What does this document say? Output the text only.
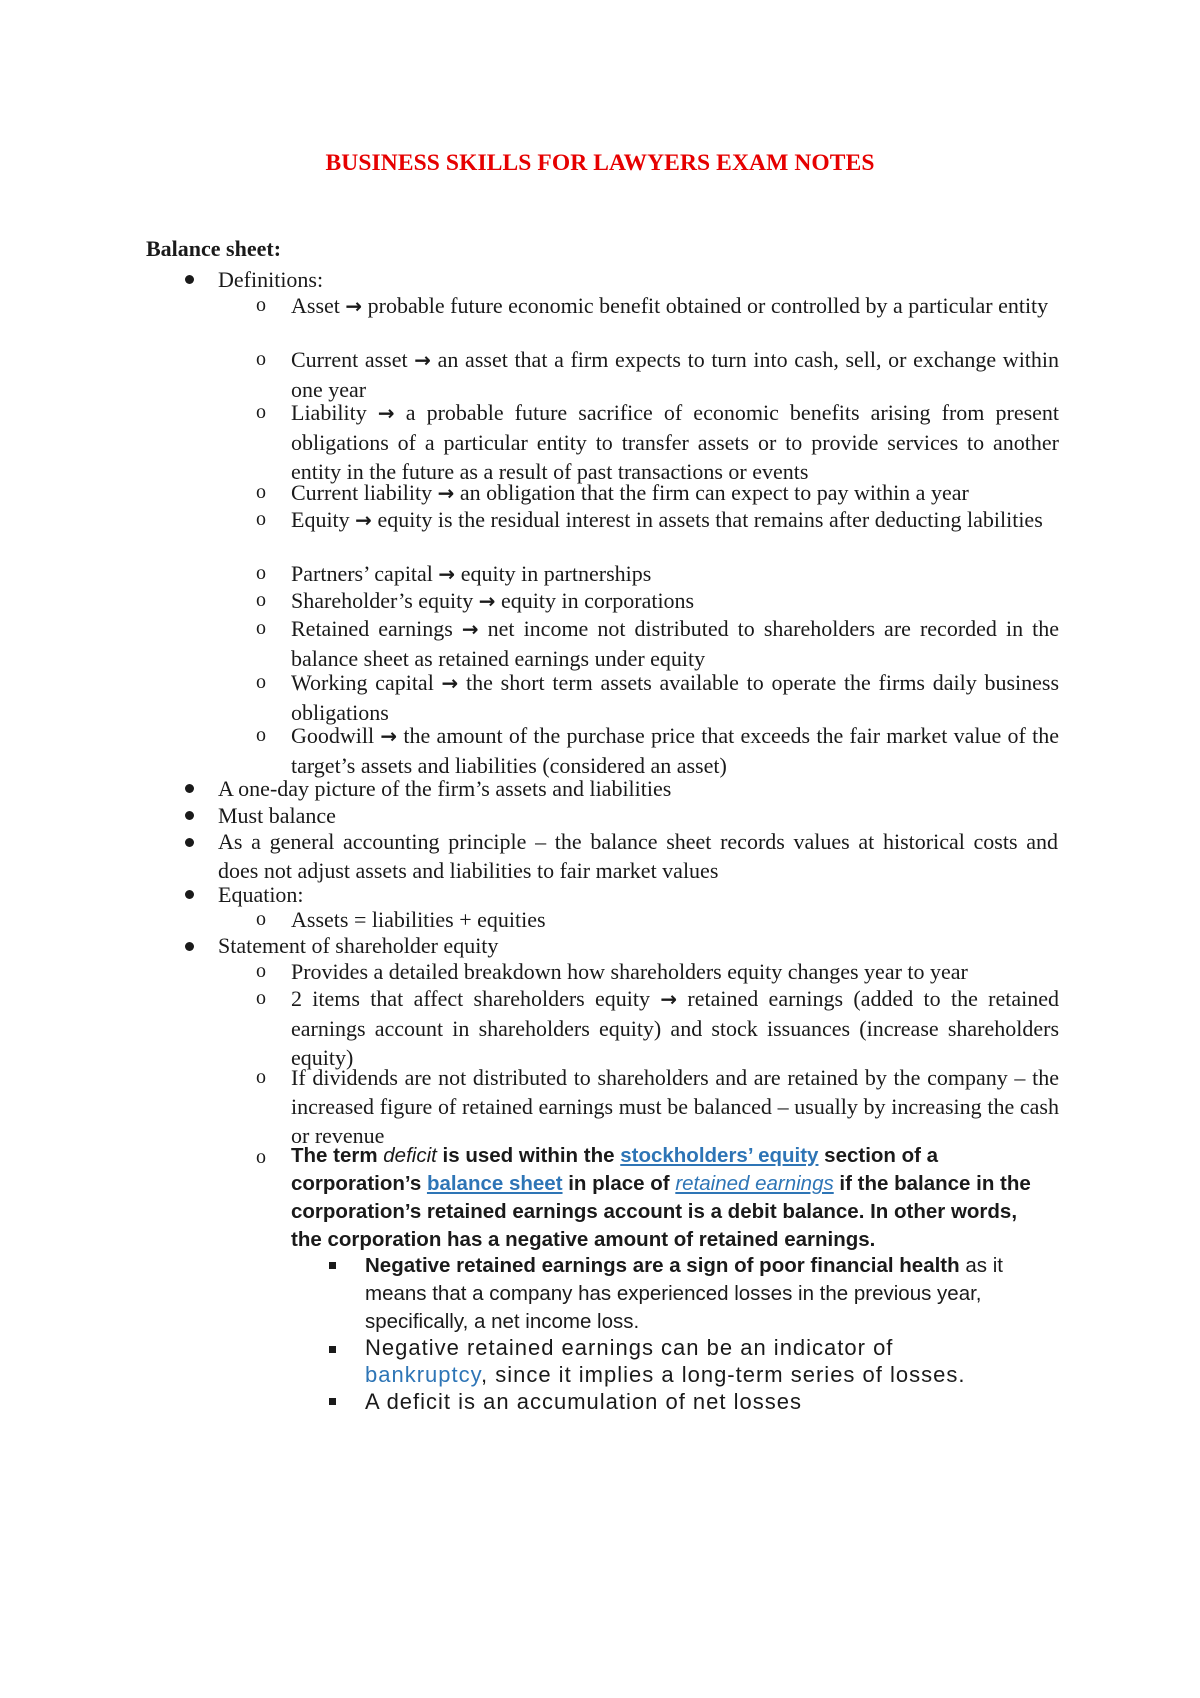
BUSINESS SKILLS FOR LAWYERS EXAM NOTES
Balance sheet:
Definitions:
o Asset → probable future economic benefit obtained or controlled by a particular entity
o Current asset → an asset that a firm expects to turn into cash, sell, or exchange within one year
o Liability → a probable future sacrifice of economic benefits arising from present obligations of a particular entity to transfer assets or to provide services to another entity in the future as a result of past transactions or events
o Current liability → an obligation that the firm can expect to pay within a year
o Equity → equity is the residual interest in assets that remains after deducting labilities
o Partners’ capital → equity in partnerships
o Shareholder’s equity → equity in corporations
o Retained earnings → net income not distributed to shareholders are recorded in the balance sheet as retained earnings under equity
o Working capital → the short term assets available to operate the firms daily business obligations
o Goodwill → the amount of the purchase price that exceeds the fair market value of the target’s assets and liabilities (considered an asset)
A one-day picture of the firm’s assets and liabilities
Must balance
As a general accounting principle – the balance sheet records values at historical costs and does not adjust assets and liabilities to fair market values
Equation:
o Assets = liabilities + equities
Statement of shareholder equity
o Provides a detailed breakdown how shareholders equity changes year to year
o 2 items that affect shareholders equity → retained earnings (added to the retained earnings account in shareholders equity) and stock issuances (increase shareholders equity)
o If dividends are not distributed to shareholders and are retained by the company – the increased figure of retained earnings must be balanced – usually by increasing the cash or revenue
o The term deficit is used within the stockholders’ equity section of a
corporation’s balance sheet in place of retained earnings if the balance in the
corporation’s retained earnings account is a debit balance. In other words,
the corporation has a negative amount of retained earnings.
Negative retained earnings are a sign of poor financial health as it
means that a company has experienced losses in the previous year,
specifically, a net income loss.
Negative retained earnings can be an indicator of
bankruptcy, since it implies a long-term series of losses.
A deficit is an accumulation of net losses
